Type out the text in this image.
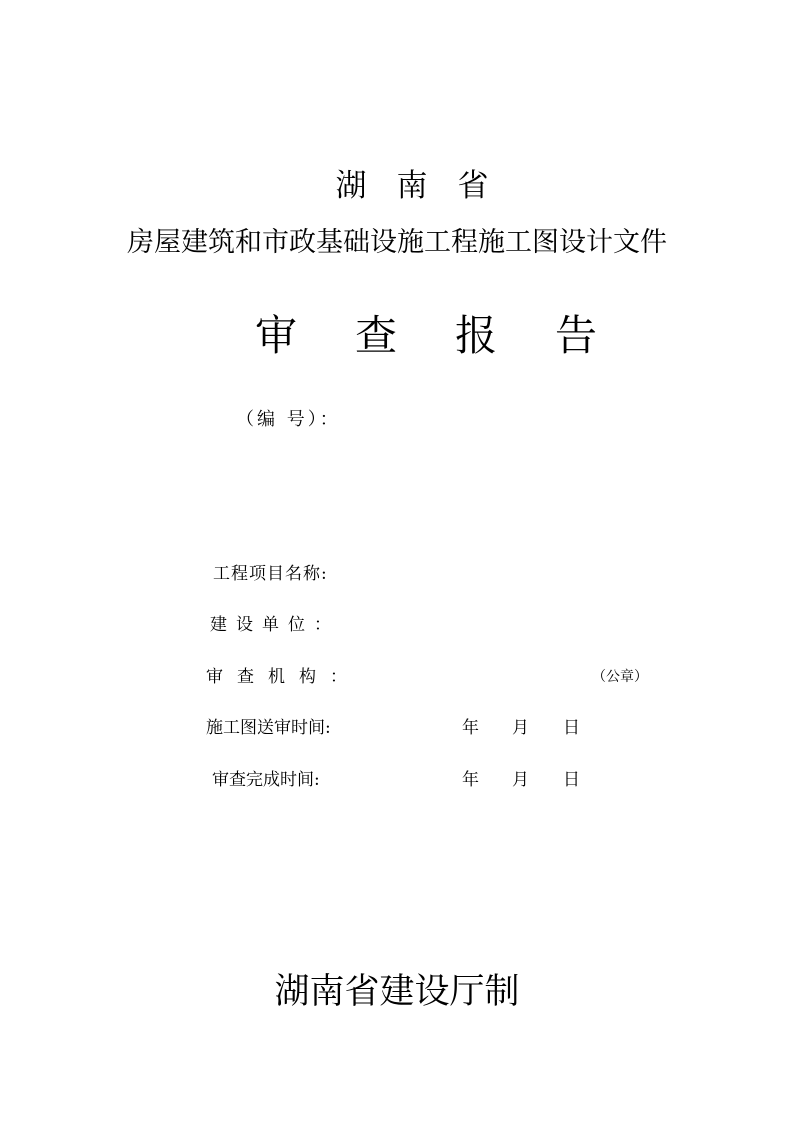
湖南省
房屋建筑和市政基础设施工程施工图设计文件
审查报告
（编 号）：
工程项目名称:
建设单位：
审查机构：	（公章）
施工图送审时间:	年 月 日
审查完成时间:	年 月 日
湖南省建设厅制
